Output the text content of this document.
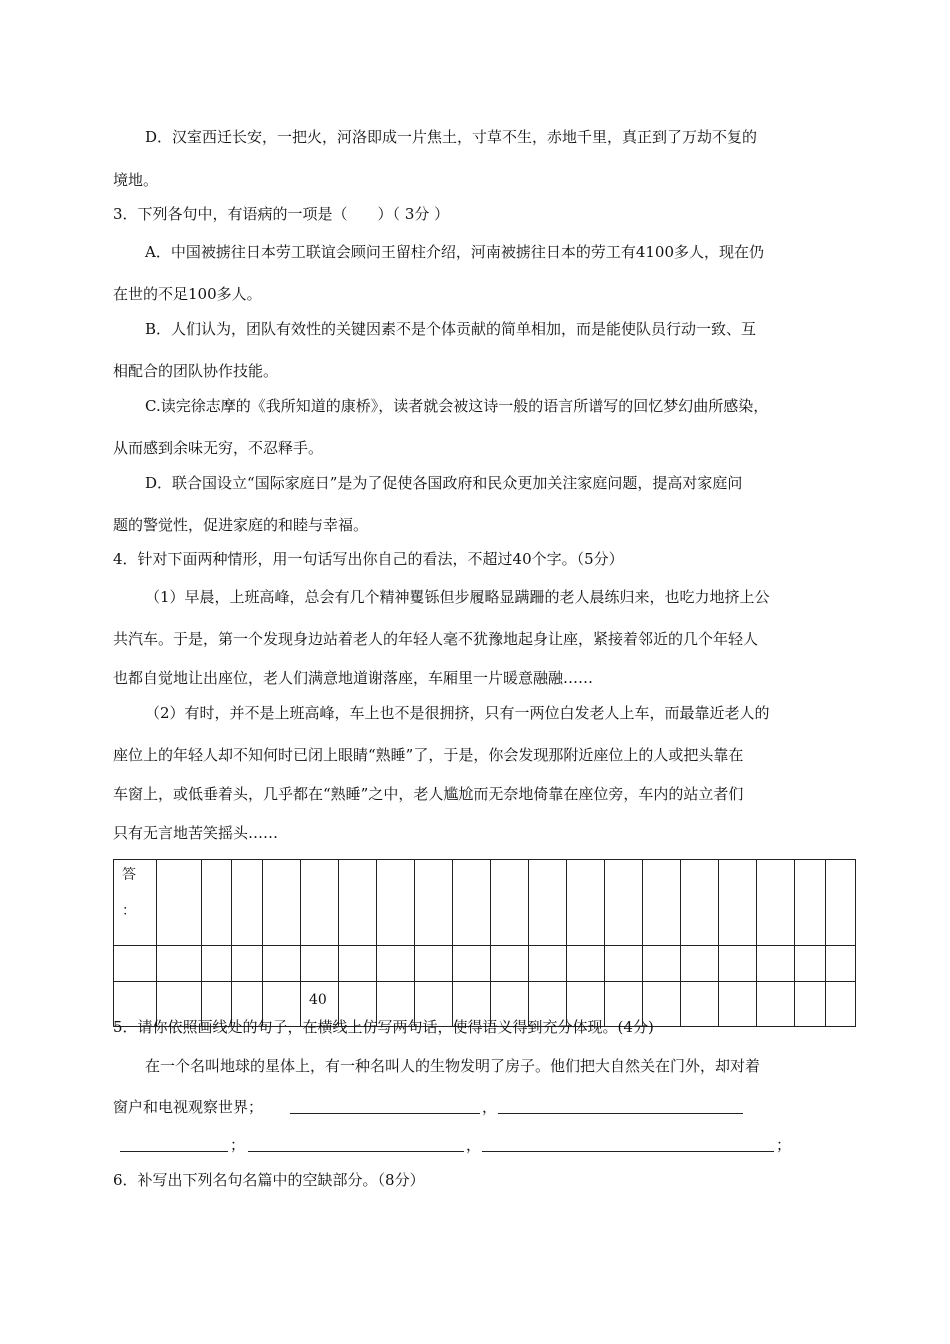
D．汉室西迁长安，一把火，河洛即成一片焦土，寸草不生，赤地千里，真正到了万劫不复的
境地。
3．下列各句中，有语病的一项是（　　）（ 3分 ）
A．中国被掳往日本劳工联谊会顾问王留柱介绍，河南被掳往日本的劳工有4100多人，现在仍
在世的不足100多人。
B．人们认为，团队有效性的关键因素不是个体贡献的简单相加，而是能使队员行动一致、互
相配合的团队协作技能。
C.读完徐志摩的《我所知道的康桥》，读者就会被这诗一般的语言所谱写的回忆梦幻曲所感染，
从而感到余味无穷，不忍释手。
D．联合国设立“国际家庭日”是为了促使各国政府和民众更加关注家庭问题，提高对家庭问
题的警觉性，促进家庭的和睦与幸福。
4．针对下面两种情形，用一句话写出你自己的看法，不超过40个字。（5分）
（1）早晨，上班高峰，总会有几个精神矍铄但步履略显蹒跚的老人晨练归来，也吃力地挤上公
共汽车。于是，第一个发现身边站着老人的年轻人毫不犹豫地起身让座，紧接着邻近的几个年轻人
也都自觉地让出座位，老人们满意地道谢落座，车厢里一片暖意融融……
（2）有时，并不是上班高峰，车上也不是很拥挤，只有一两位白发老人上车，而最靠近老人的
座位上的年轻人却不知何时已闭上眼睛“熟睡”了，于是，你会发现那附近座位上的人或把头靠在
车窗上，或低垂着头，几乎都在“熟睡”之中，老人尴尬而无奈地倚靠在座位旁，车内的站立者们
只有无言地苦笑摇头……
答
：																			

					40														
5．请你依照画线处的句子，在横线上仿写两句话，使得语义得到充分体现。(4分)
在一个名叫地球的星体上，有一种名叫人的生物发明了房子。他们把大自然关在门外，却对着
窗户和电视观察世界；	，
；	，	；
6．补写出下列名句名篇中的空缺部分。（8分）
